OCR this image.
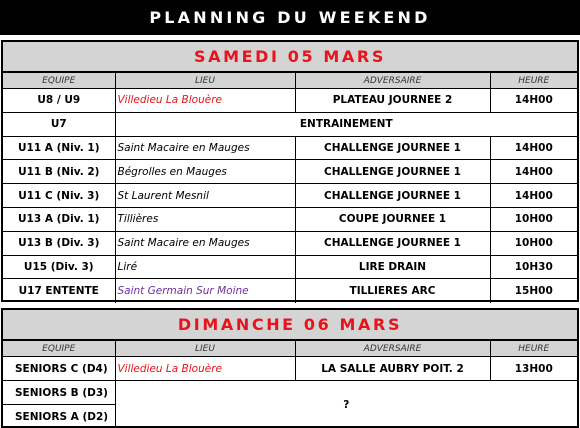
PLANNING DU WEEKEND
SAMEDI 05 MARS
EQUIPE	LIEU	ADVERSAIRE	HEURE
U8 / U9	Villedieu La Blouère	PLATEAU JOURNEE 2	14H00
U7	ENTRAINEMENT		
U11 A (Niv. 1)	Saint Macaire en Mauges	CHALLENGE JOURNEE 1	14H00
U11 B (Niv. 2)	Bégrolles en Mauges	CHALLENGE JOURNEE 1	14H00
U11 C (Niv. 3)	St Laurent Mesnil	CHALLENGE JOURNEE 1	14H00
U13 A (Div. 1)	Tillières	COUPE JOURNEE 1	10H00
U13 B (Div. 3)	Saint Macaire en Mauges	CHALLENGE JOURNEE 1	10H00
U15 (Div. 3)	Liré	LIRE DRAIN	10H30
U17 ENTENTE	Saint Germain Sur Moine	TILLIERES ARC	15H00
DIMANCHE 06 MARS
EQUIPE	LIEU	ADVERSAIRE	HEURE
SENIORS C (D4)	Villedieu La Blouère	LA SALLE AUBRY POIT. 2	13H00
SENIORS B (D3)	?		
SENIORS A (D2)			
